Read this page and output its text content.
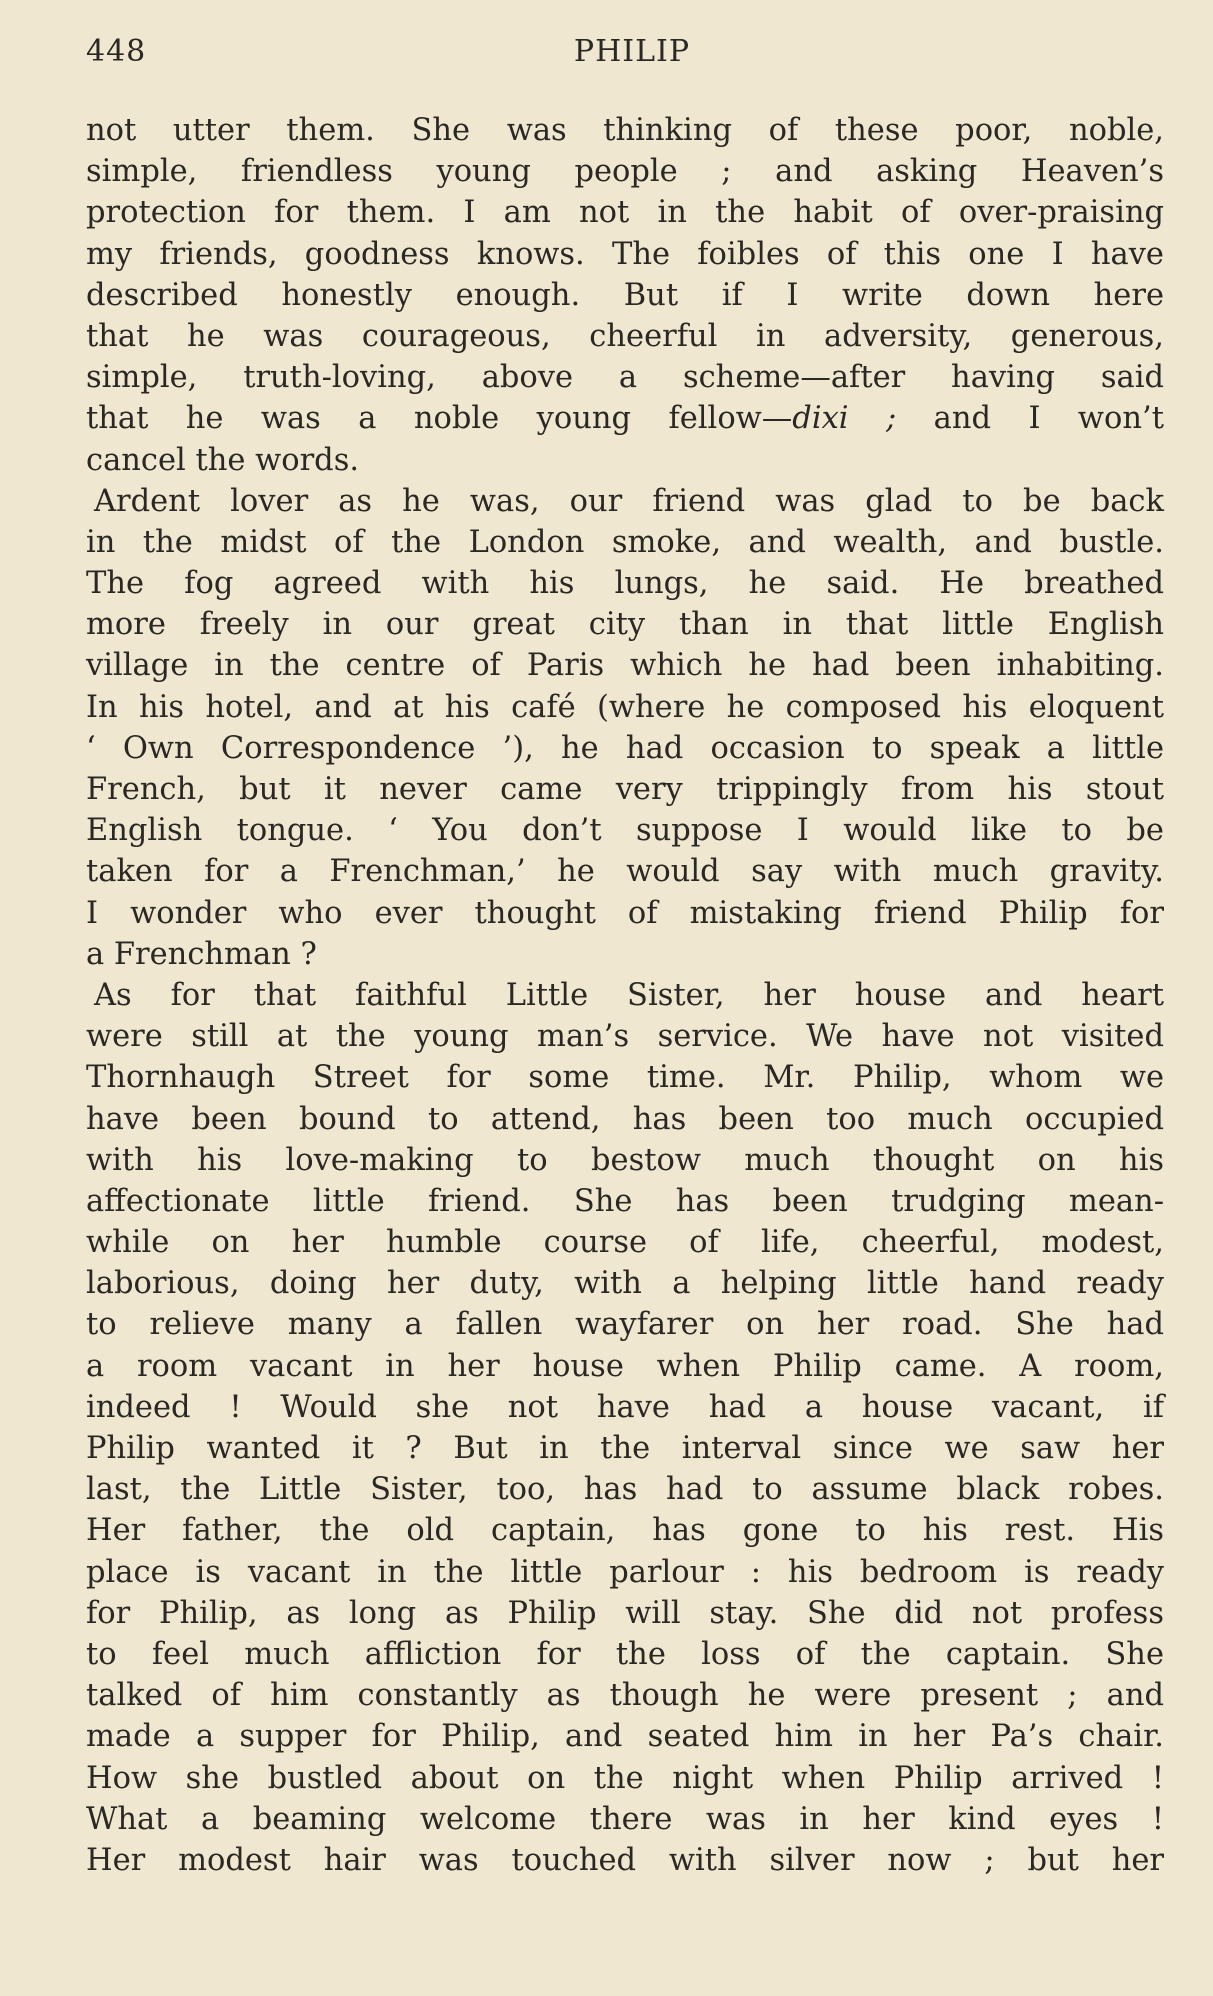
448	PHILIP
not utter them. She was thinking of these poor, noble,
simple, friendless young people ; and asking Heaven’s
protection for them. I am not in the habit of over-praising
my friends, goodness knows. The foibles of this one I have
described honestly enough. But if I write down here
that he was courageous, cheerful in adversity, generous,
simple, truth-loving, above a scheme—after having said
that he was a noble young fellow—dixi ; and I won’t
cancel the words.
Ardent lover as he was, our friend was glad to be back
in the midst of the London smoke, and wealth, and bustle.
The fog agreed with his lungs, he said. He breathed
more freely in our great city than in that little English
village in the centre of Paris which he had been inhabiting.
In his hotel, and at his café (where he composed his eloquent
‘ Own Correspondence ’), he had occasion to speak a little
French, but it never came very trippingly from his stout
English tongue. ‘ You don’t suppose I would like to be
taken for a Frenchman,’ he would say with much gravity.
I wonder who ever thought of mistaking friend Philip for
a Frenchman ?
As for that faithful Little Sister, her house and heart
were still at the young man’s service. We have not visited
Thornhaugh Street for some time. Mr. Philip, whom we
have been bound to attend, has been too much occupied
with his love-making to bestow much thought on his
affectionate little friend. She has been trudging mean-
while on her humble course of life, cheerful, modest,
laborious, doing her duty, with a helping little hand ready
to relieve many a fallen wayfarer on her road. She had
a room vacant in her house when Philip came. A room,
indeed ! Would she not have had a house vacant, if
Philip wanted it ? But in the interval since we saw her
last, the Little Sister, too, has had to assume black robes.
Her father, the old captain, has gone to his rest. His
place is vacant in the little parlour : his bedroom is ready
for Philip, as long as Philip will stay. She did not profess
to feel much affliction for the loss of the captain. She
talked of him constantly as though he were present ; and
made a supper for Philip, and seated him in her Pa’s chair.
How she bustled about on the night when Philip arrived !
What a beaming welcome there was in her kind eyes !
Her modest hair was touched with silver now ; but her
